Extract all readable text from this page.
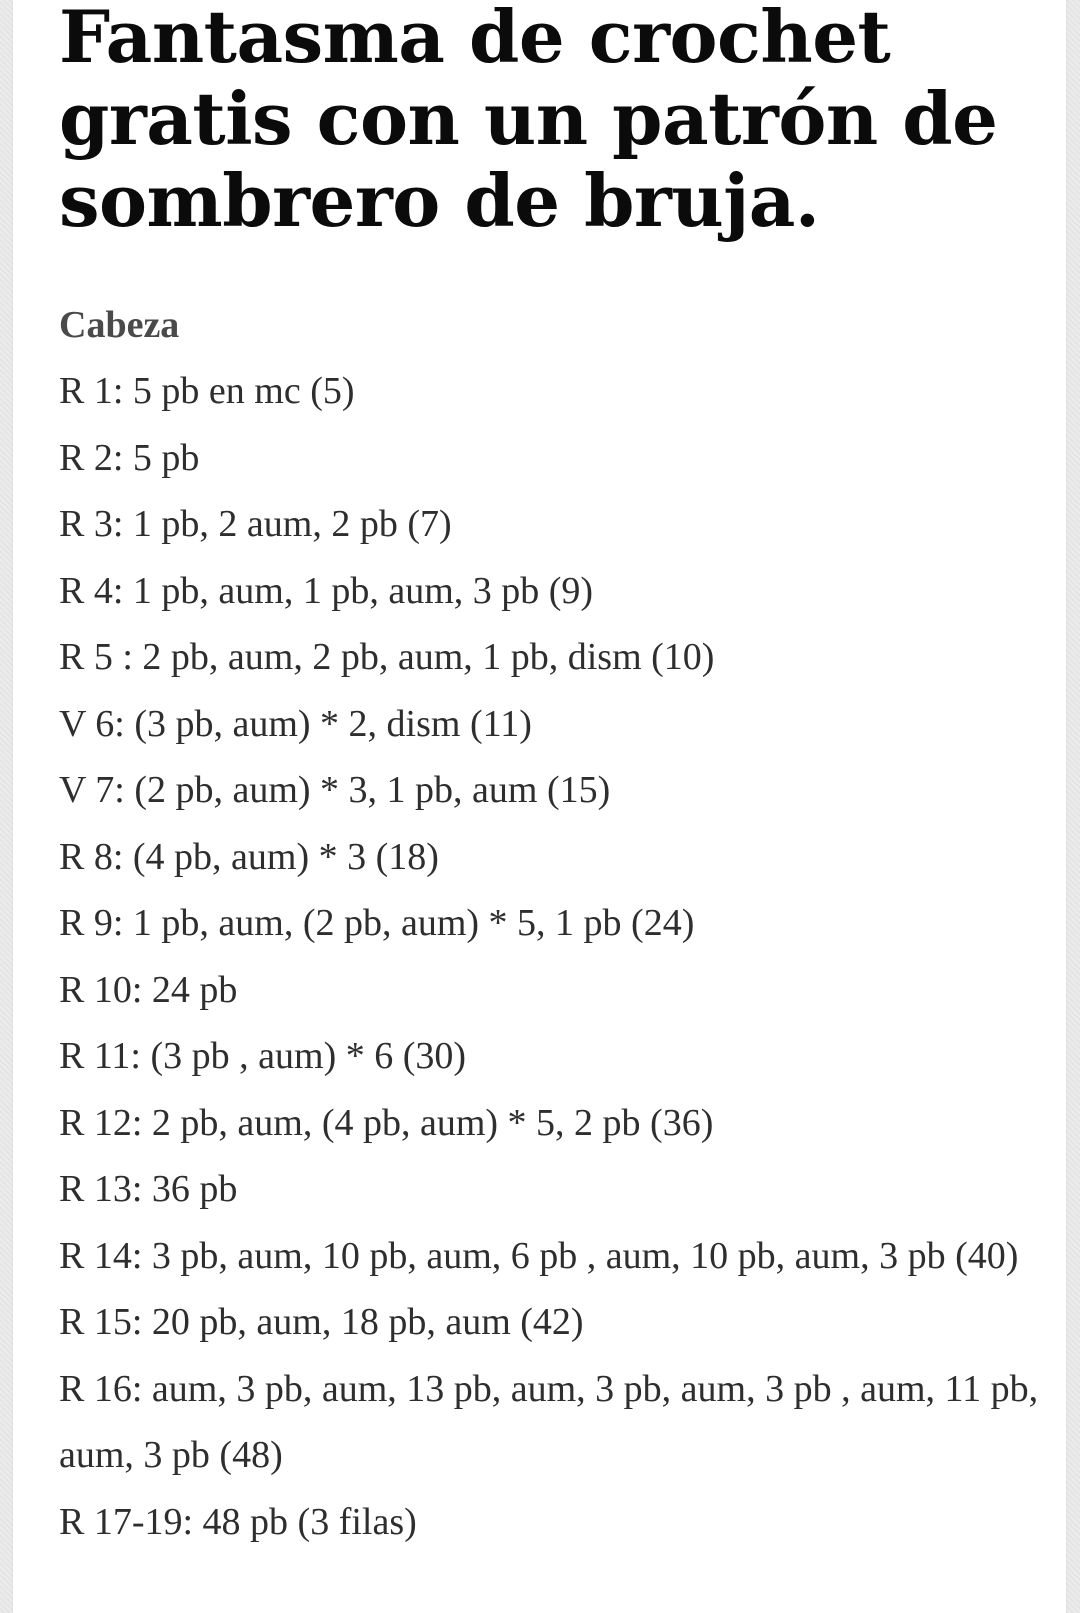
Fantasma de crochet gratis con un patrón de sombrero de bruja.
Cabeza
R 1: 5 pb en mc (5)
R 2: 5 pb
R 3: 1 pb, 2 aum, 2 pb (7)
R 4: 1 pb, aum, 1 pb, aum, 3 pb (9)
R 5 : 2 pb, aum, 2 pb, aum, 1 pb, dism (10)
V 6: (3 pb, aum) * 2, dism (11)
V 7: (2 pb, aum) * 3, 1 pb, aum (15)
R 8: (4 pb, aum) * 3 (18)
R 9: 1 pb, aum, (2 pb, aum) * 5, 1 pb (24)
R 10: 24 pb
R 11: (3 pb , aum) * 6 (30)
R 12: 2 pb, aum, (4 pb, aum) * 5, 2 pb (36)
R 13: 36 pb
R 14: 3 pb, aum, 10 pb, aum, 6 pb , aum, 10 pb, aum, 3 pb (40)
R 15: 20 pb, aum, 18 pb, aum (42)
R 16: aum, 3 pb, aum, 13 pb, aum, 3 pb, aum, 3 pb , aum, 11 pb, aum, 3 pb (48)
R 17-19: 48 pb (3 filas)
